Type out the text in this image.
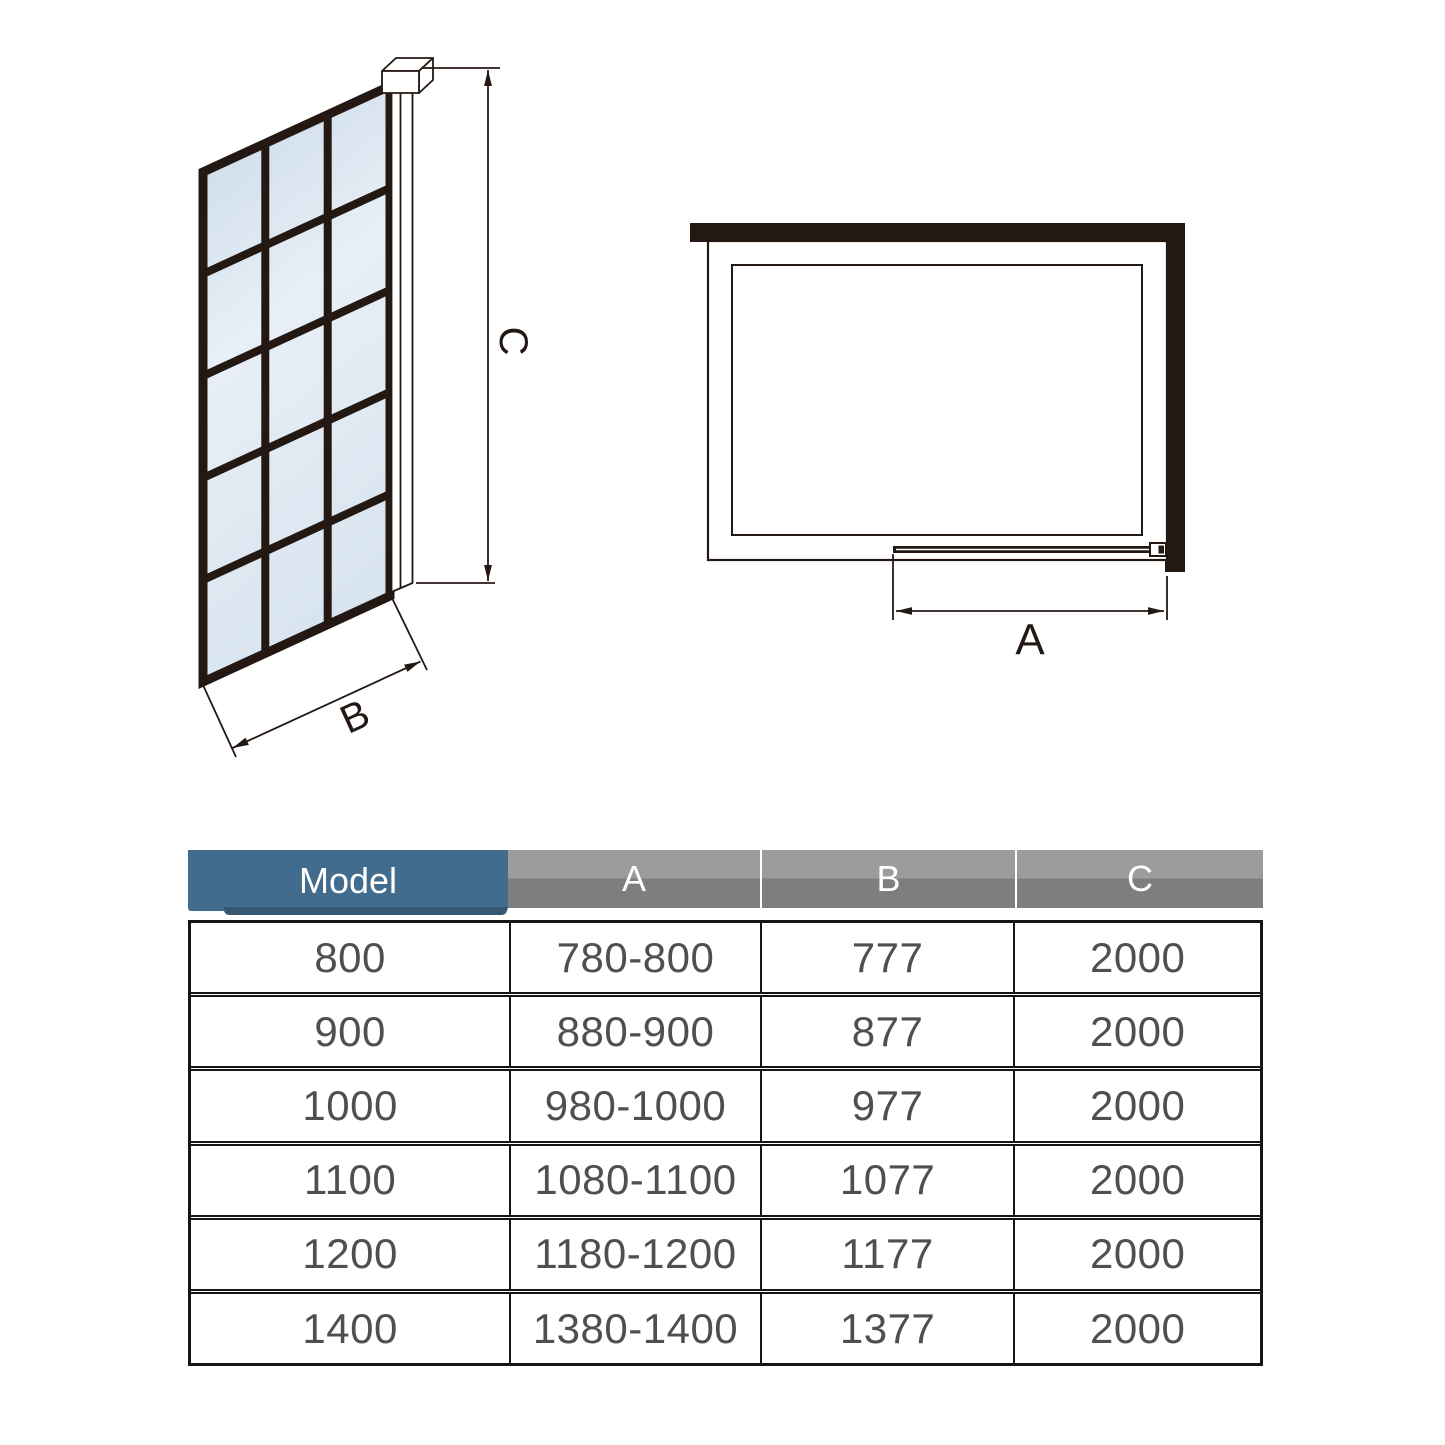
C
B
A
Model	A	B	C
800	780-800	777	2000
900	880-900	877	2000
1000	980-1000	977	2000
1100	1080-1100	1077	2000
1200	1180-1200	1177	2000
1400	1380-1400	1377	2000
